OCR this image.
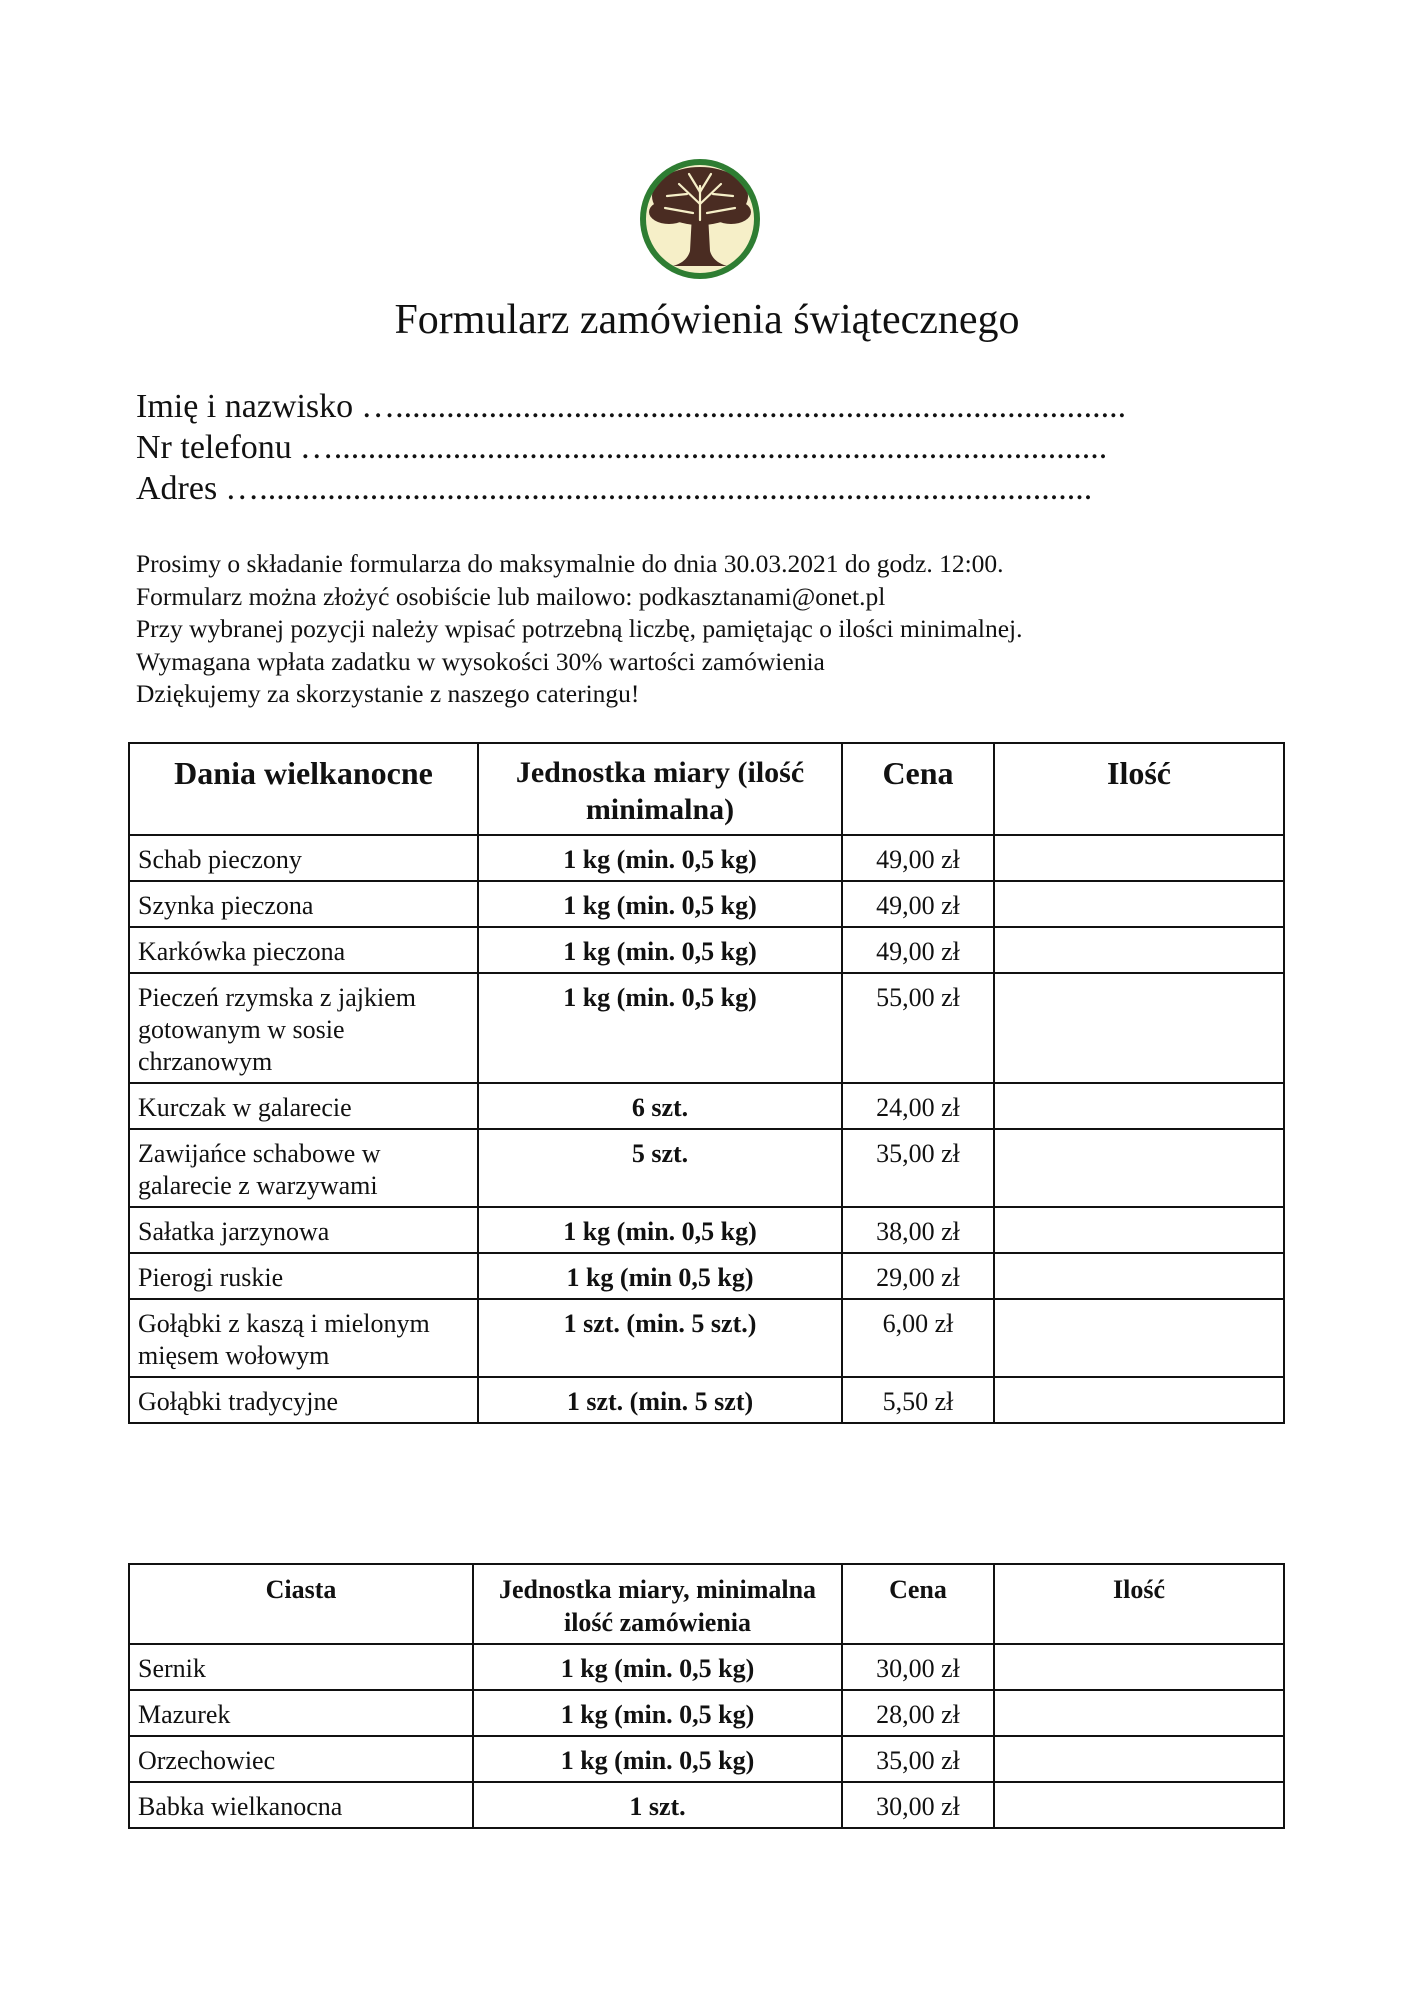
Formularz zamówienia świątecznego
Imię i nazwisko …......................................................................................
Nr telefonu …...........................................................................................
Adres …..................................................................................................

Prosimy o składanie formularza do maksymalnie do dnia 30.03.2021 do godz. 12:00.

Formularz można złożyć osobiście lub mailowo: podkasztanami@onet.pl

Przy wybranej pozycji należy wpisać potrzebną liczbę, pamiętając o ilości minimalnej.

Wymagana wpłata zadatku w wysokości 30% wartości zamówienia

Dziękujemy za skorzystanie z naszego cateringu!

Dania wielkanocne	Jednostka miary (ilość minimalna)	Cena	Ilość
Schab pieczony	1 kg (min. 0,5 kg)	49,00 zł	
Szynka pieczona	1 kg (min. 0,5 kg)	49,00 zł	
Karkówka pieczona	1 kg (min. 0,5 kg)	49,00 zł	
Pieczeń rzymska z jajkiem gotowanym w sosie chrzanowym	1 kg (min. 0,5 kg)	55,00 zł	
Kurczak w galarecie	6 szt.	24,00 zł	
Zawijańce schabowe w galarecie z warzywami	5 szt.	35,00 zł	
Sałatka jarzynowa	1 kg (min. 0,5 kg)	38,00 zł	
Pierogi ruskie	1 kg (min 0,5 kg)	29,00 zł	
Gołąbki z kaszą i mielonym mięsem wołowym	1 szt. (min. 5 szt.)	6,00 zł	
Gołąbki tradycyjne	1 szt. (min. 5 szt)	5,50 zł	
Ciasta	Jednostka miary, minimalna ilość zamówienia	Cena	Ilość
Sernik	1 kg (min. 0,5 kg)	30,00 zł	
Mazurek	1 kg (min. 0,5 kg)	28,00 zł	
Orzechowiec	1 kg (min. 0,5 kg)	35,00 zł	
Babka wielkanocna	1 szt.	30,00 zł	
